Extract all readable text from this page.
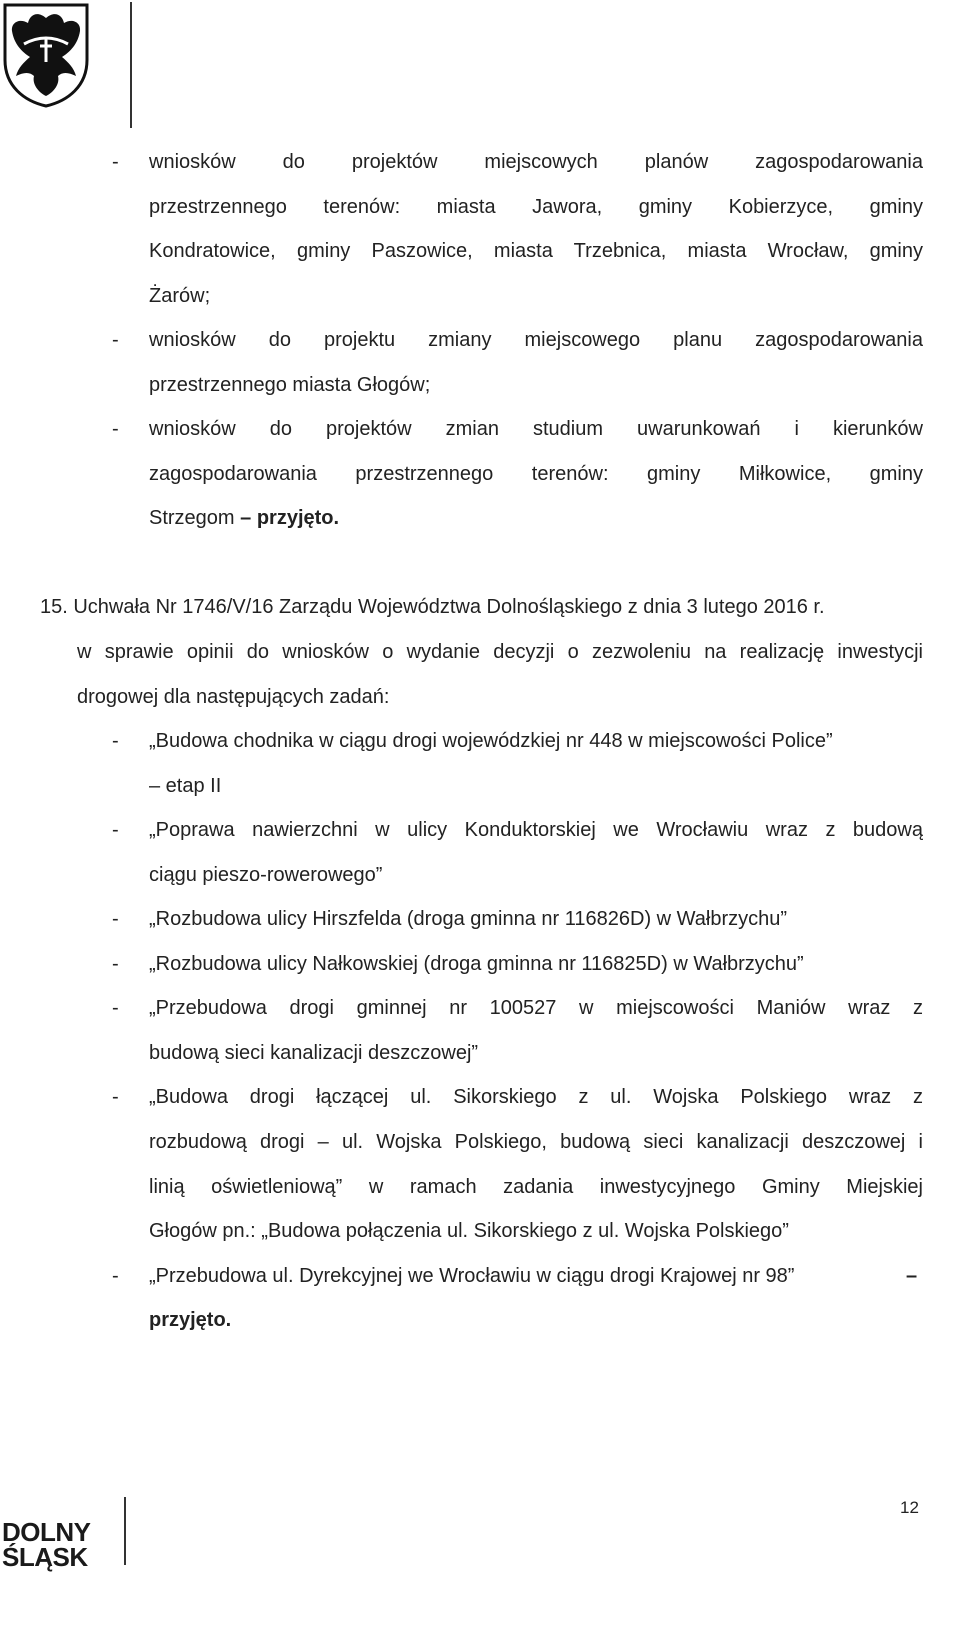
- wniosków do projektów miejscowych planów zagospodarowania
przestrzennego terenów: miasta Jawora, gminy Kobierzyce, gminy
Kondratowice, gminy Paszowice, miasta Trzebnica, miasta Wrocław, gminy
Żarów;
- wniosków do projektu zmiany miejscowego planu zagospodarowania
przestrzennego miasta Głogów;
- wniosków do projektów zmian studium uwarunkowań i kierunków
zagospodarowania przestrzennego terenów: gminy Miłkowice, gminy
Strzegom – przyjęto.
15. Uchwała Nr 1746/V/16 Zarządu Województwa Dolnośląskiego z dnia 3 lutego 2016 r.
w sprawie opinii do wniosków o wydanie decyzji o zezwoleniu na realizację inwestycji
drogowej dla następujących zadań:
- „Budowa chodnika w ciągu drogi wojewódzkiej nr 448 w miejscowości Police”
– etap II
- „Poprawa nawierzchni w ulicy Konduktorskiej we Wrocławiu wraz z budową
ciągu pieszo-rowerowego”
- „Rozbudowa ulicy Hirszfelda (droga gminna nr 116826D) w Wałbrzychu”
- „Rozbudowa ulicy Nałkowskiej (droga gminna nr 116825D) w Wałbrzychu”
- „Przebudowa drogi gminnej nr 100527 w miejscowości Maniów wraz z
budową sieci kanalizacji deszczowej”
- „Budowa drogi łączącej ul. Sikorskiego z ul. Wojska Polskiego wraz z
rozbudową drogi – ul. Wojska Polskiego, budową sieci kanalizacji deszczowej i
linią oświetleniową” w ramach zadania inwestycyjnego Gminy Miejskiej
Głogów pn.: „Budowa połączenia ul. Sikorskiego z ul. Wojska Polskiego”
- „Przebudowa ul. Dyrekcyjnej we Wrocławiu w ciągu drogi Krajowej nr 98”	–
przyjęto.
DOLNY
ŚLĄSK
12
